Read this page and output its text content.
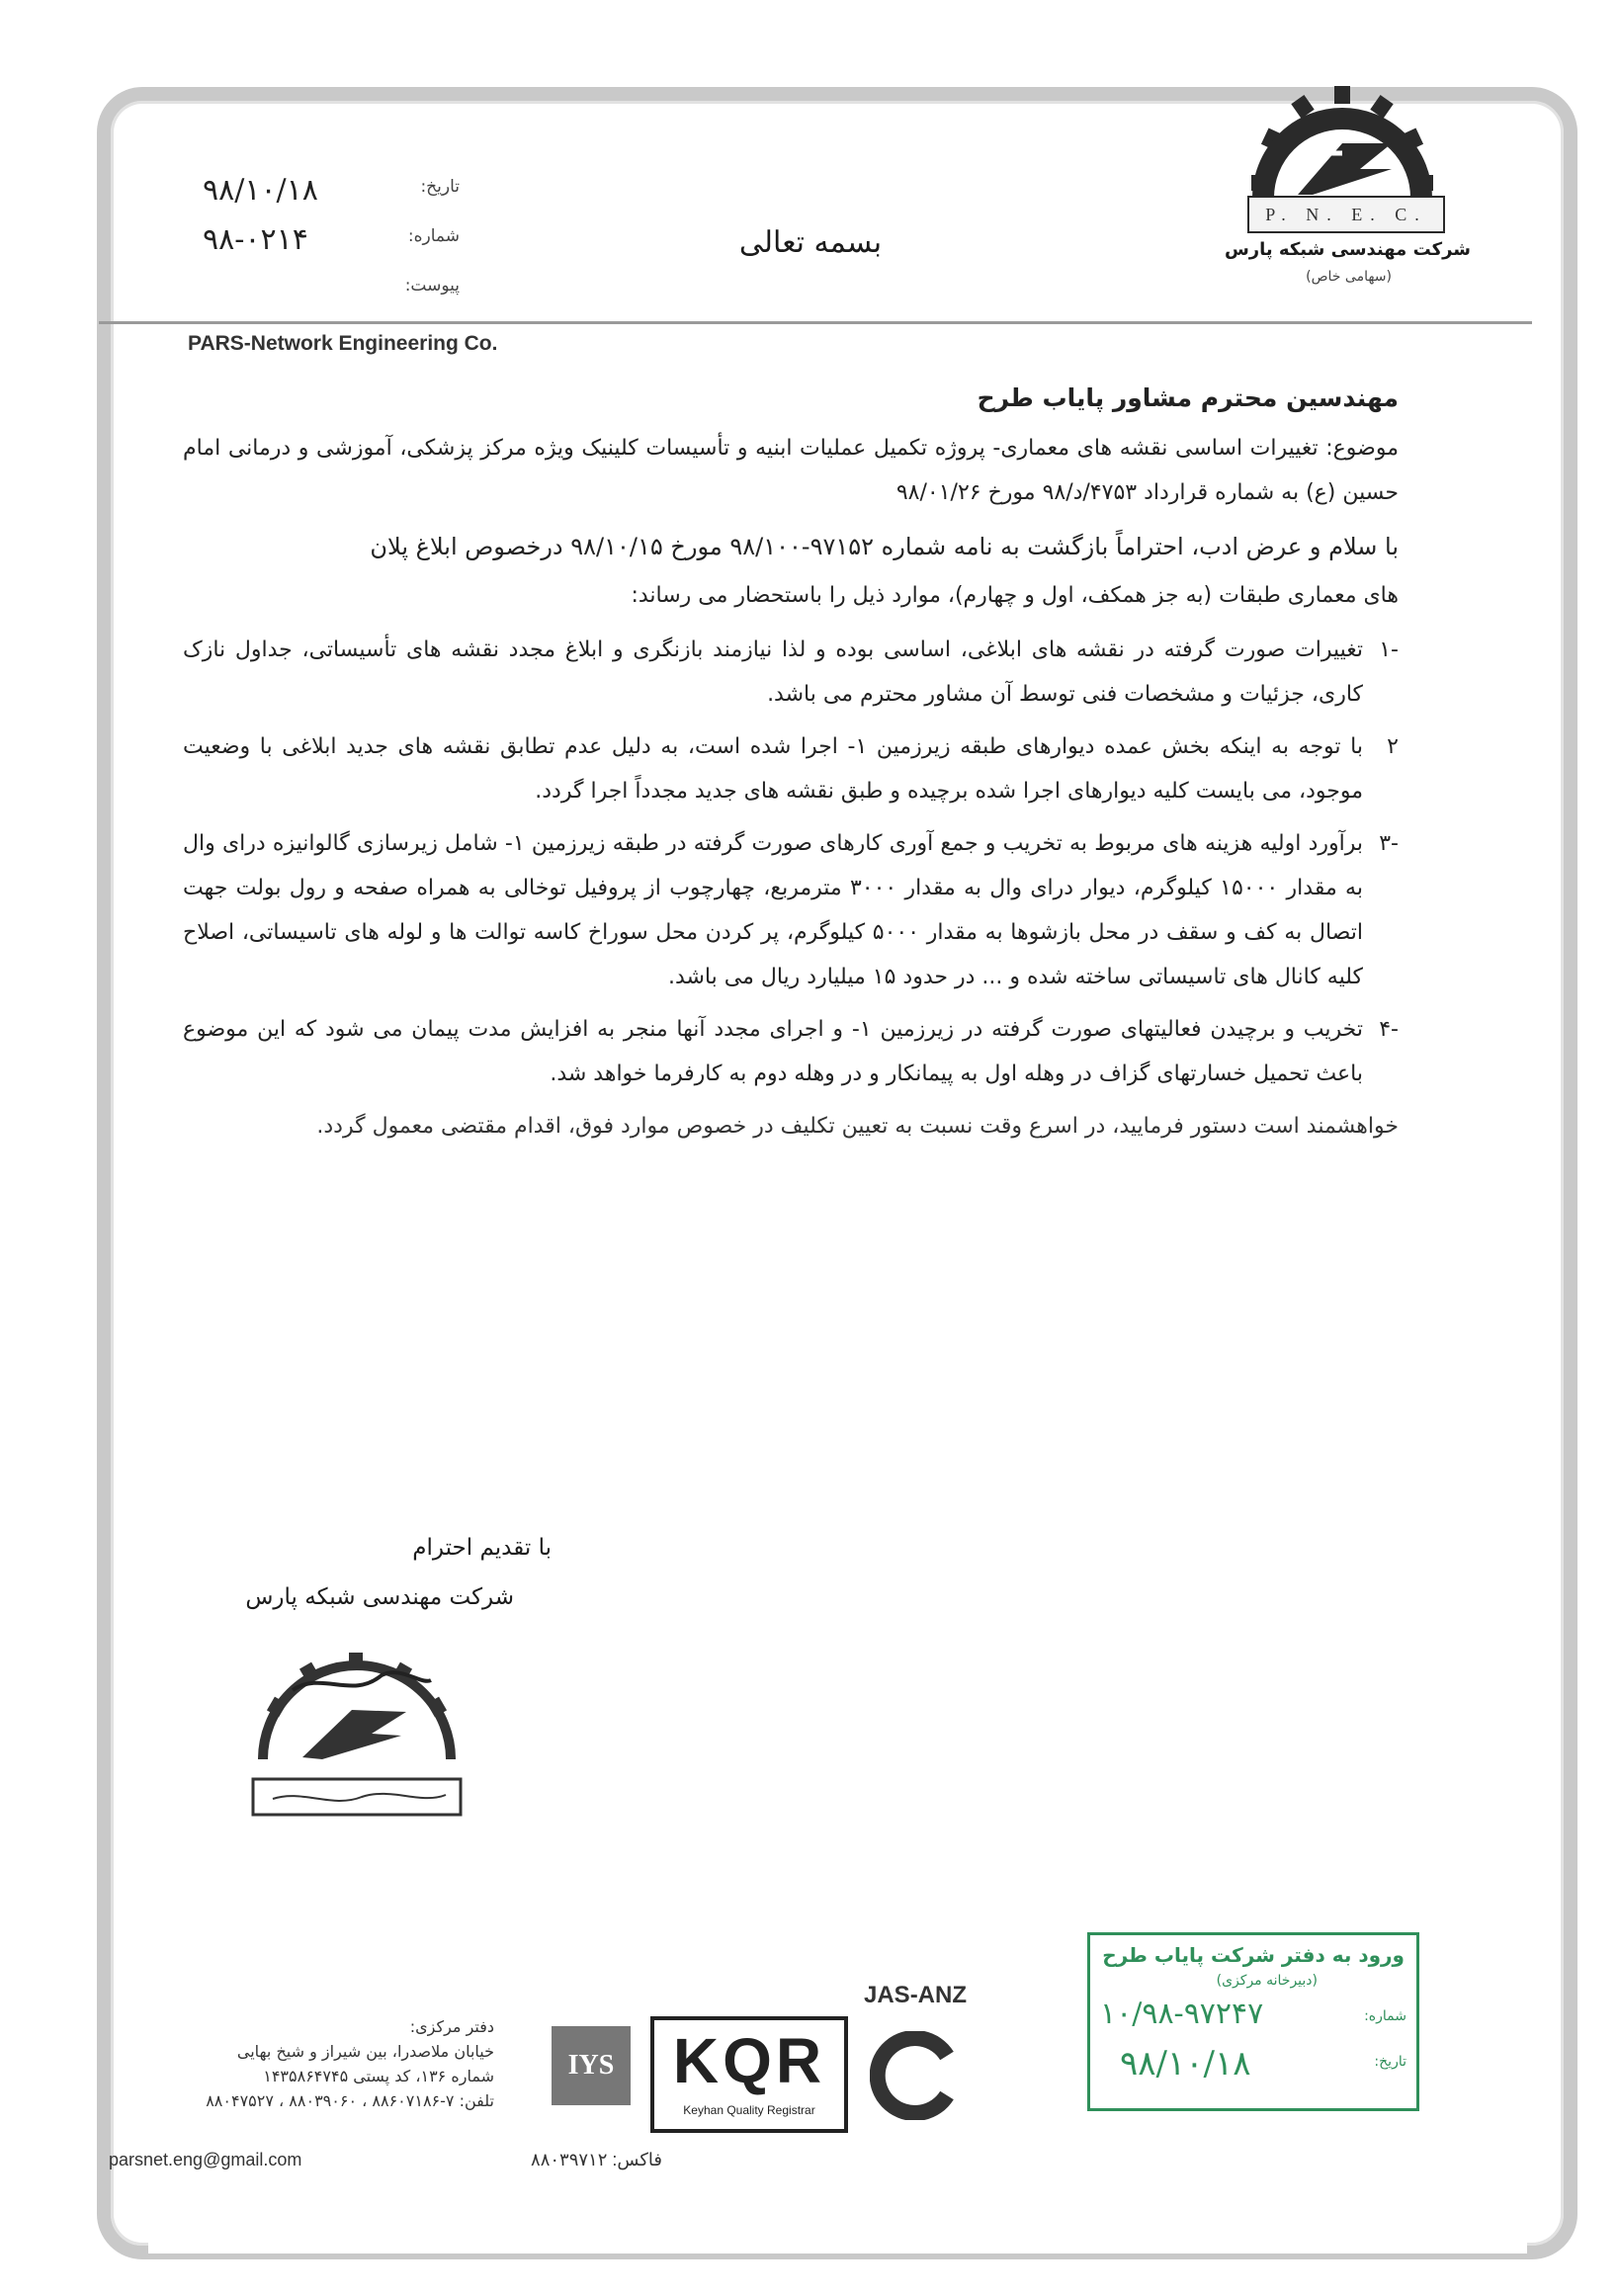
۹۸/۱۰/۱۸	تاریخ:
۹۸-۰۲۱۴	شماره:
پیوست:
بسمه تعالی
PARS-Network Engineering Co.
P. N. E. C.
شرکت مهندسی شبکه پارس
(سهامی خاص)
مهندسین محترم مشاور پایاب طرح
موضوع: تغییرات اساسی نقشه های معماری- پروژه تکمیل عملیات ابنیه و تأسیسات کلینیک ویژه مرکز پزشکی، آموزشی و درمانی امام حسین (ع) به شماره قرارداد ۴۷۵۳/د/۹۸ مورخ ۹۸/۰۱/۲۶
با سلام و عرض ادب، احتراماً بازگشت به نامه شماره ۹۷۱۵۲-۹۸/۱۰۰ مورخ ۹۸/۱۰/۱۵ درخصوص ابلاغ پلان
های معماری طبقات (به جز همکف، اول و چهارم)، موارد ذیل را باستحضار می رساند:
-۱
تغییرات صورت گرفته در نقشه های ابلاغی، اساسی بوده و لذا نیازمند بازنگری و ابلاغ مجدد نقشه های تأسیساتی، جداول نازک کاری، جزئیات و مشخصات فنی توسط آن مشاور محترم می باشد.
۲
با توجه به اینکه بخش عمده دیوارهای طبقه زیرزمین ۱- اجرا شده است، به دلیل عدم تطابق نقشه های جدید ابلاغی با وضعیت موجود، می بایست کلیه دیوارهای اجرا شده برچیده و طبق نقشه های جدید مجدداً اجرا گردد.
-۳
برآورد اولیه هزینه های مربوط به تخریب و جمع آوری کارهای صورت گرفته در طبقه زیرزمین ۱- شامل زیرسازی گالوانیزه درای وال به مقدار ۱۵۰۰۰ کیلوگرم، دیوار درای وال به مقدار ۳۰۰۰ مترمربع، چهارچوب از پروفیل توخالی به همراه صفحه و رول بولت جهت اتصال به کف و سقف در محل بازشوها به مقدار ۵۰۰۰ کیلوگرم، پر کردن محل سوراخ کاسه توالت ها و لوله های تاسیساتی، اصلاح کلیه کانال های تاسیساتی ساخته شده و ... در حدود ۱۵ میلیارد ریال می باشد.
-۴
تخریب و برچیدن فعالیتهای صورت گرفته در زیرزمین ۱- و اجرای مجدد آنها منجر به افزایش مدت پیمان می شود که این موضوع باعث تحمیل خسارتهای گزاف در وهله اول به پیمانکار و در وهله دوم به کارفرما خواهد شد.
خواهشمند است دستور فرمایید، در اسرع وقت نسبت به تعیین تکلیف در خصوص موارد فوق، اقدام مقتضی معمول گردد.
با تقدیم احترام
شرکت مهندسی شبکه پارس
ورود به دفتر شرکت پایاب طرح
(دبیرخانه مرکزی)
شماره:
۱۰/۹۸-۹۷۲۴۷
تاریخ:
۹۸/۱۰/۱۸
IYS KQR
Keyhan Quality Registrar
JAS-ANZ
دفتر مرکزی:
خیابان ملاصدرا، بین شیراز و شیخ بهایی
شماره ۱۳۶، کد پستی ۱۴۳۵۸۶۴۷۴۵
تلفن: ۷-۸۸۶۰۷۱۸۶ ، ۸۸۰۳۹۰۶۰ ، ۸۸۰۴۷۵۲۷
parsnet.eng@gmail.com	فاکس: ۸۸۰۳۹۷۱۲
